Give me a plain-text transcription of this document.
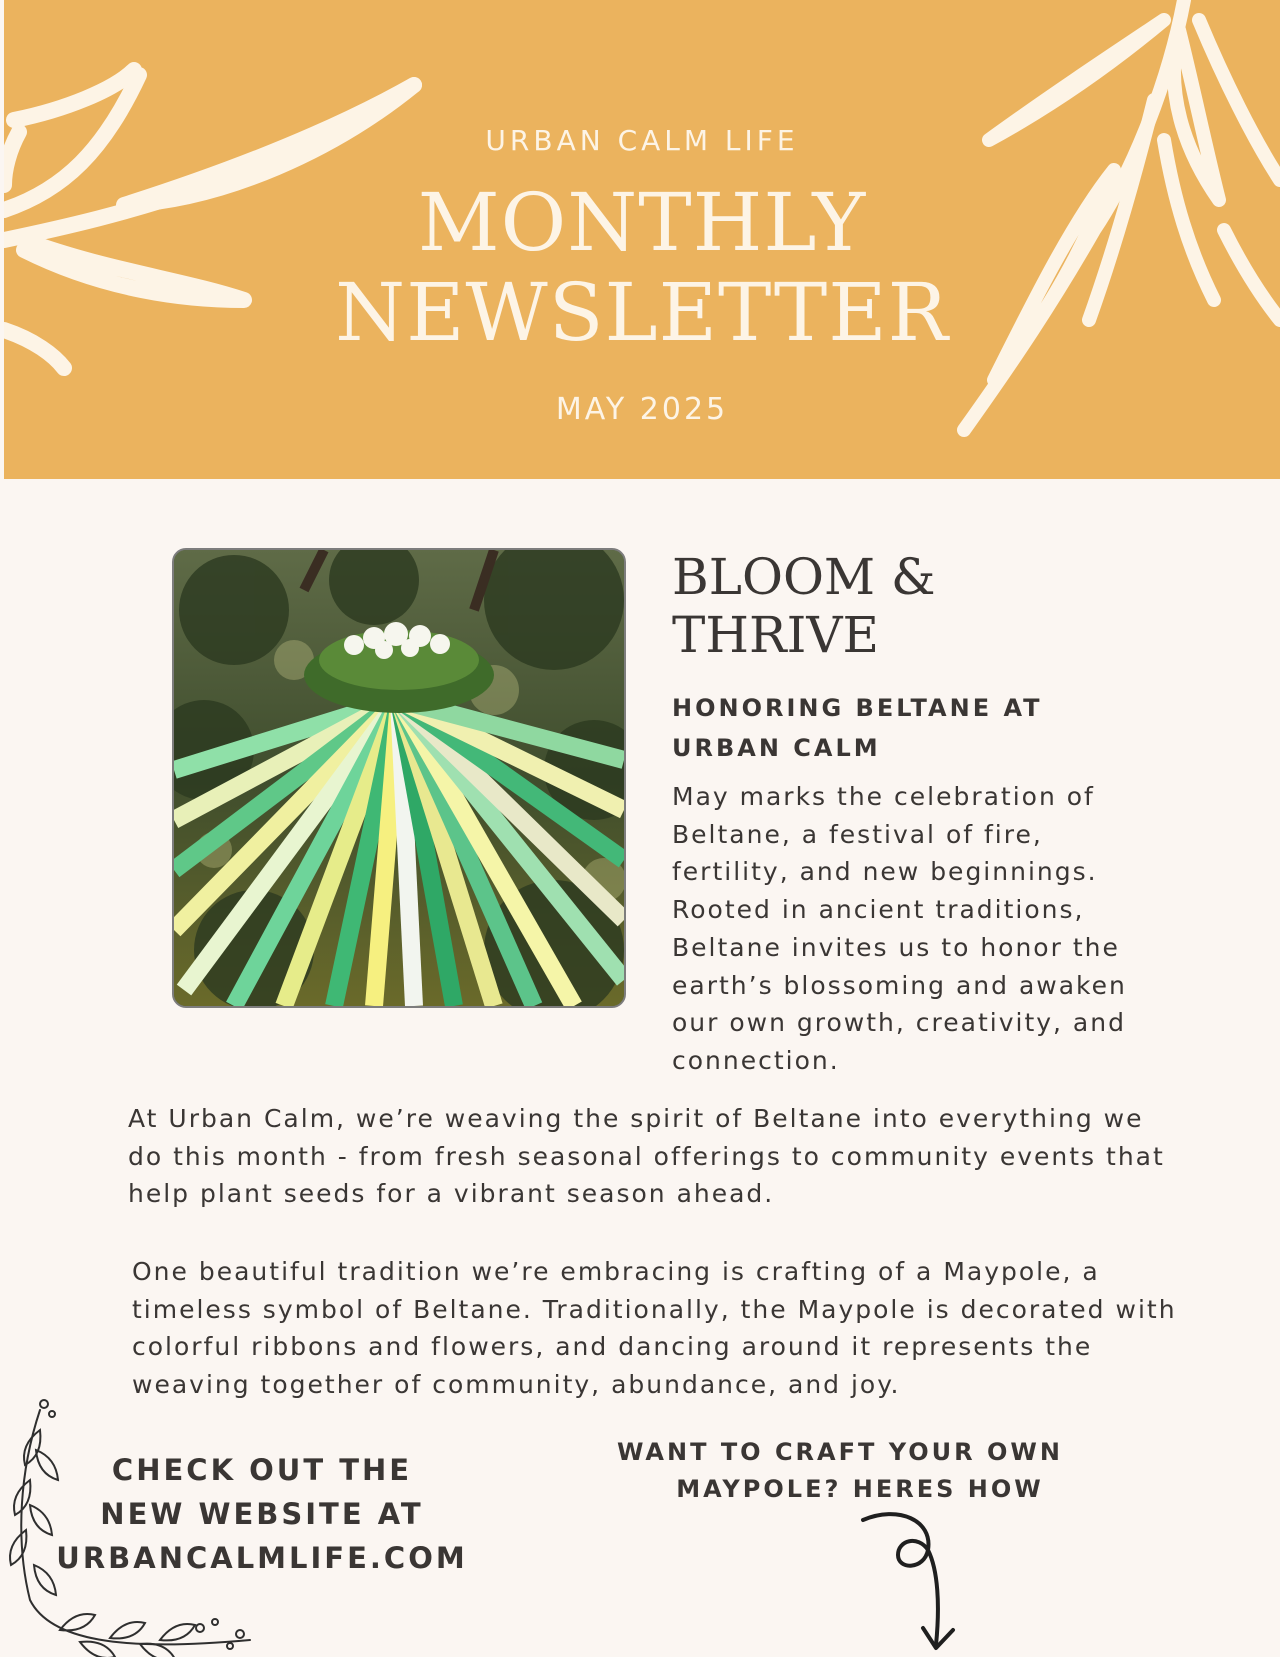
URBAN CALM LIFE
MONTHLY
NEWSLETTER
MAY 2025
BLOOM &
THRIVE
HONORING BELTANE AT
URBAN CALM
May marks the celebration of Beltane, a festival of fire, fertility, and new beginnings. Rooted in ancient traditions, Beltane invites us to honor the earth’s blossoming and awaken our own growth, creativity, and connection.
At Urban Calm, we’re weaving the spirit of Beltane into everything we do this month - from fresh seasonal offerings to community events that help plant seeds for a vibrant season ahead.
One beautiful tradition we’re embracing is crafting of a Maypole, a timeless symbol of Beltane. Traditionally, the Maypole is decorated with colorful ribbons and flowers, and dancing around it represents the weaving together of community, abundance, and joy.
CHECK OUT THE
NEW WEBSITE AT
URBANCALMLIFE.COM
WANT TO CRAFT YOUR OWN
MAYPOLE? HERES HOW
